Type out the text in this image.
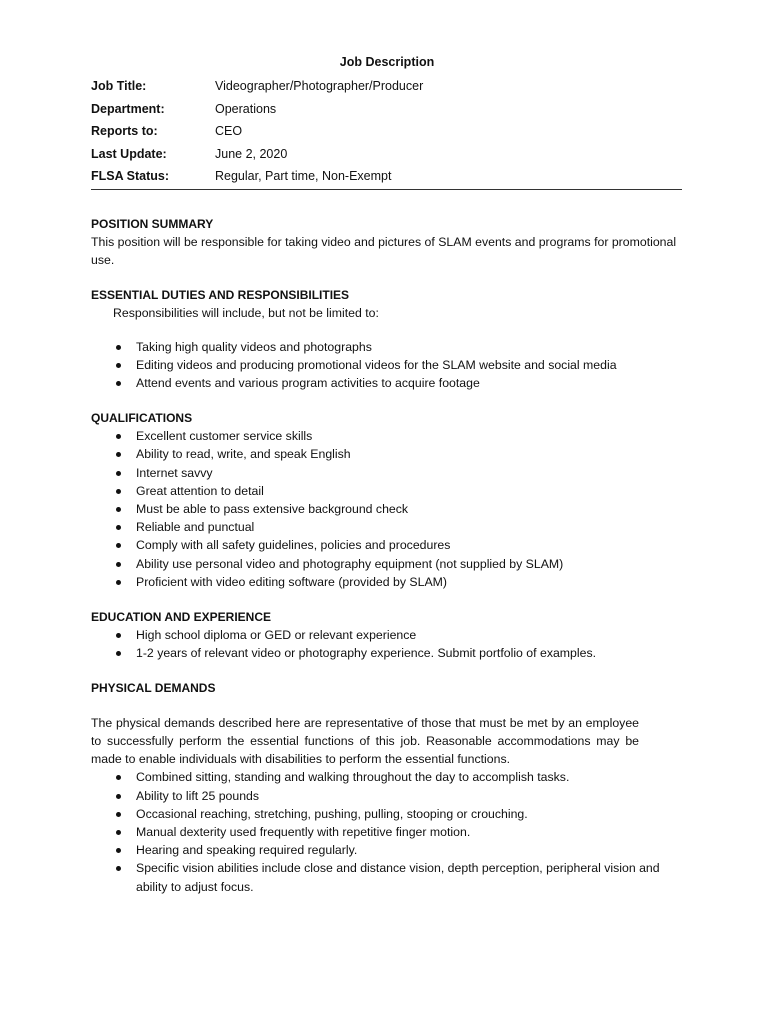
Job Description
Job Title:	Videographer/Photographer/Producer
Department:	Operations
Reports to:	CEO
Last Update:	June 2, 2020
FLSA Status:	Regular, Part time, Non-Exempt
POSITION SUMMARY
This position will be responsible for taking video and pictures of SLAM events and programs for promotional use.
ESSENTIAL DUTIES AND RESPONSIBILITIES
Responsibilities will include, but not be limited to:
Taking high quality videos and photographs
Editing videos and producing promotional videos for the SLAM website and social media
Attend events and various program activities to acquire footage
QUALIFICATIONS
Excellent customer service skills
Ability to read, write, and speak English
Internet savvy
Great attention to detail
Must be able to pass extensive background check
Reliable and punctual
Comply with all safety guidelines, policies and procedures
Ability use personal video and photography equipment (not supplied by SLAM)
Proficient with video editing software (provided by SLAM)
EDUCATION AND EXPERIENCE
High school diploma or GED or relevant experience
1-2 years of relevant video or photography experience. Submit portfolio of examples.
PHYSICAL DEMANDS
The physical demands described here are representative of those that must be met by an employee to successfully perform the essential functions of this job. Reasonable accommodations may be made to enable individuals with disabilities to perform the essential functions.
Combined sitting, standing and walking throughout the day to accomplish tasks.
Ability to lift 25 pounds
Occasional reaching, stretching, pushing, pulling, stooping or crouching.
Manual dexterity used frequently with repetitive finger motion.
Hearing and speaking required regularly.
Specific vision abilities include close and distance vision, depth perception, peripheral vision and ability to adjust focus.
